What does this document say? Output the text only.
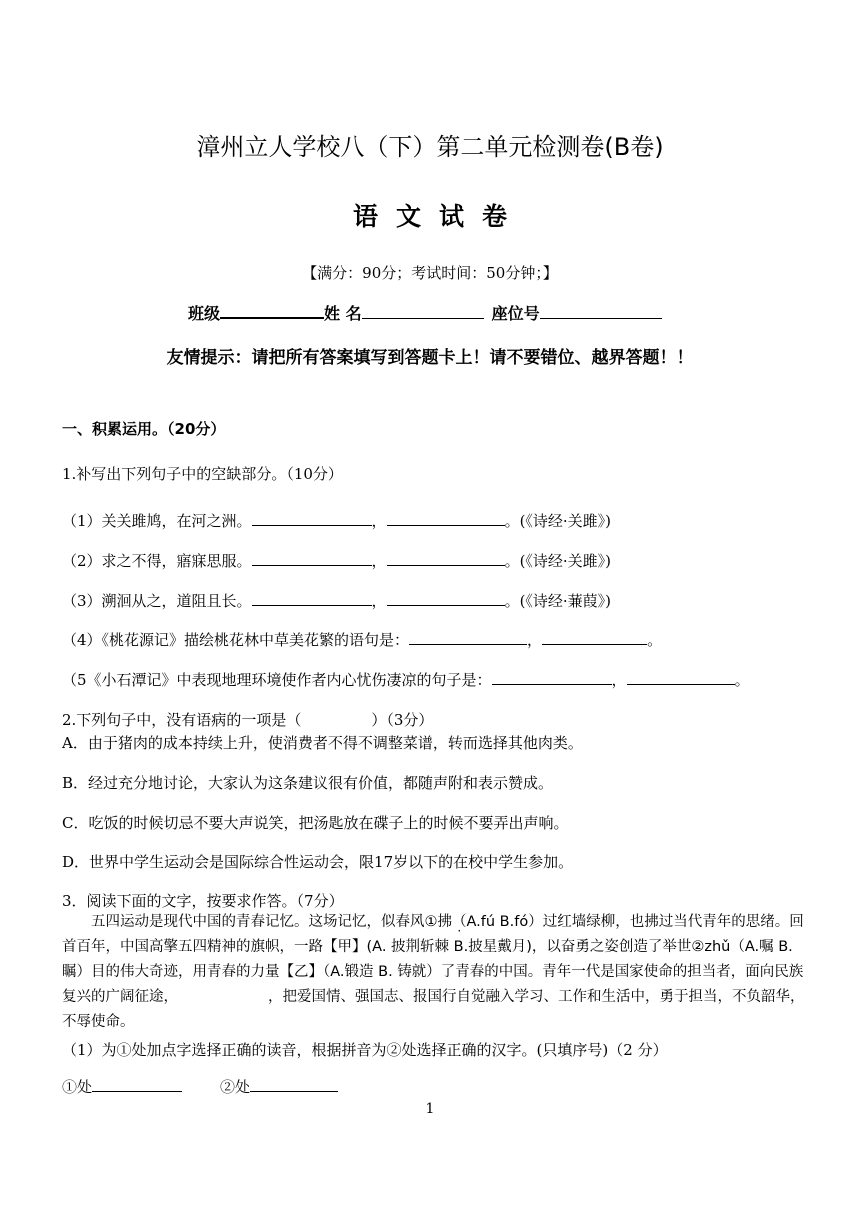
漳州立人学校八（下）第二单元检测卷(B卷)
语文试卷
【满分：90分；考试时间：50分钟；】
班级	姓 名	座位号
友情提示：请把所有答案填写到答题卡上！请不要错位、越界答题！！
一、积累运用。（20分）
1.补写出下列句子中的空缺部分。（10分）
（1）关关雎鸠，在河之洲。	，	。(《诗经·关雎》)
（2）求之不得，寤寐思服。	，	。(《诗经·关雎》)
（3）溯洄从之，道阻且长。	，	。(《诗经·蒹葭》)
（4）《桃花源记》描绘桃花林中草美花繁的语句是：	，	。
（5《小石潭记》中表现地理环境使作者内心忧伤凄凉的句子是：	，	。
2.下列句子中，没有语病的一项是（	）（3分）
A．由于猪肉的成本持续上升，使消费者不得不调整菜谱，转而选择其他肉类。
B．经过充分地讨论，大家认为这条建议很有价值，都随声附和表示赞成。
C．吃饭的时候切忌不要大声说笑，把汤匙放在碟子上的时候不要弄出声响。
D．世界中学生运动会是国际综合性运动会，限17岁以下的在校中学生参加。
3．阅读下面的文字，按要求作答。（7分）
五四运动是现代中国的青春记忆。这场记忆，似春风①拂（A.fú B.fó）过红墙绿柳，也拂过当代青年的思绪。回首百年，中国高擎五四精神的旗帜，一路【甲】(A. 披荆斩棘 B.披星戴月)，以奋勇之姿创造了举世②zhǔ（A.嘱 B.瞩）目的伟大奇迹，用青春的力量【乙】（A.锻造 B. 铸就）了青春的中国。青年一代是国家使命的担当者，面向民族复兴的广阔征途，	，把爱国情、强国志、报国行自觉融入学习、工作和生活中，勇于担当，不负韶华，不辱使命。
（1）为①处加点字选择正确的读音，根据拼音为②处选择正确的汉字。(只填序号)（2 分）
①处	②处
1
